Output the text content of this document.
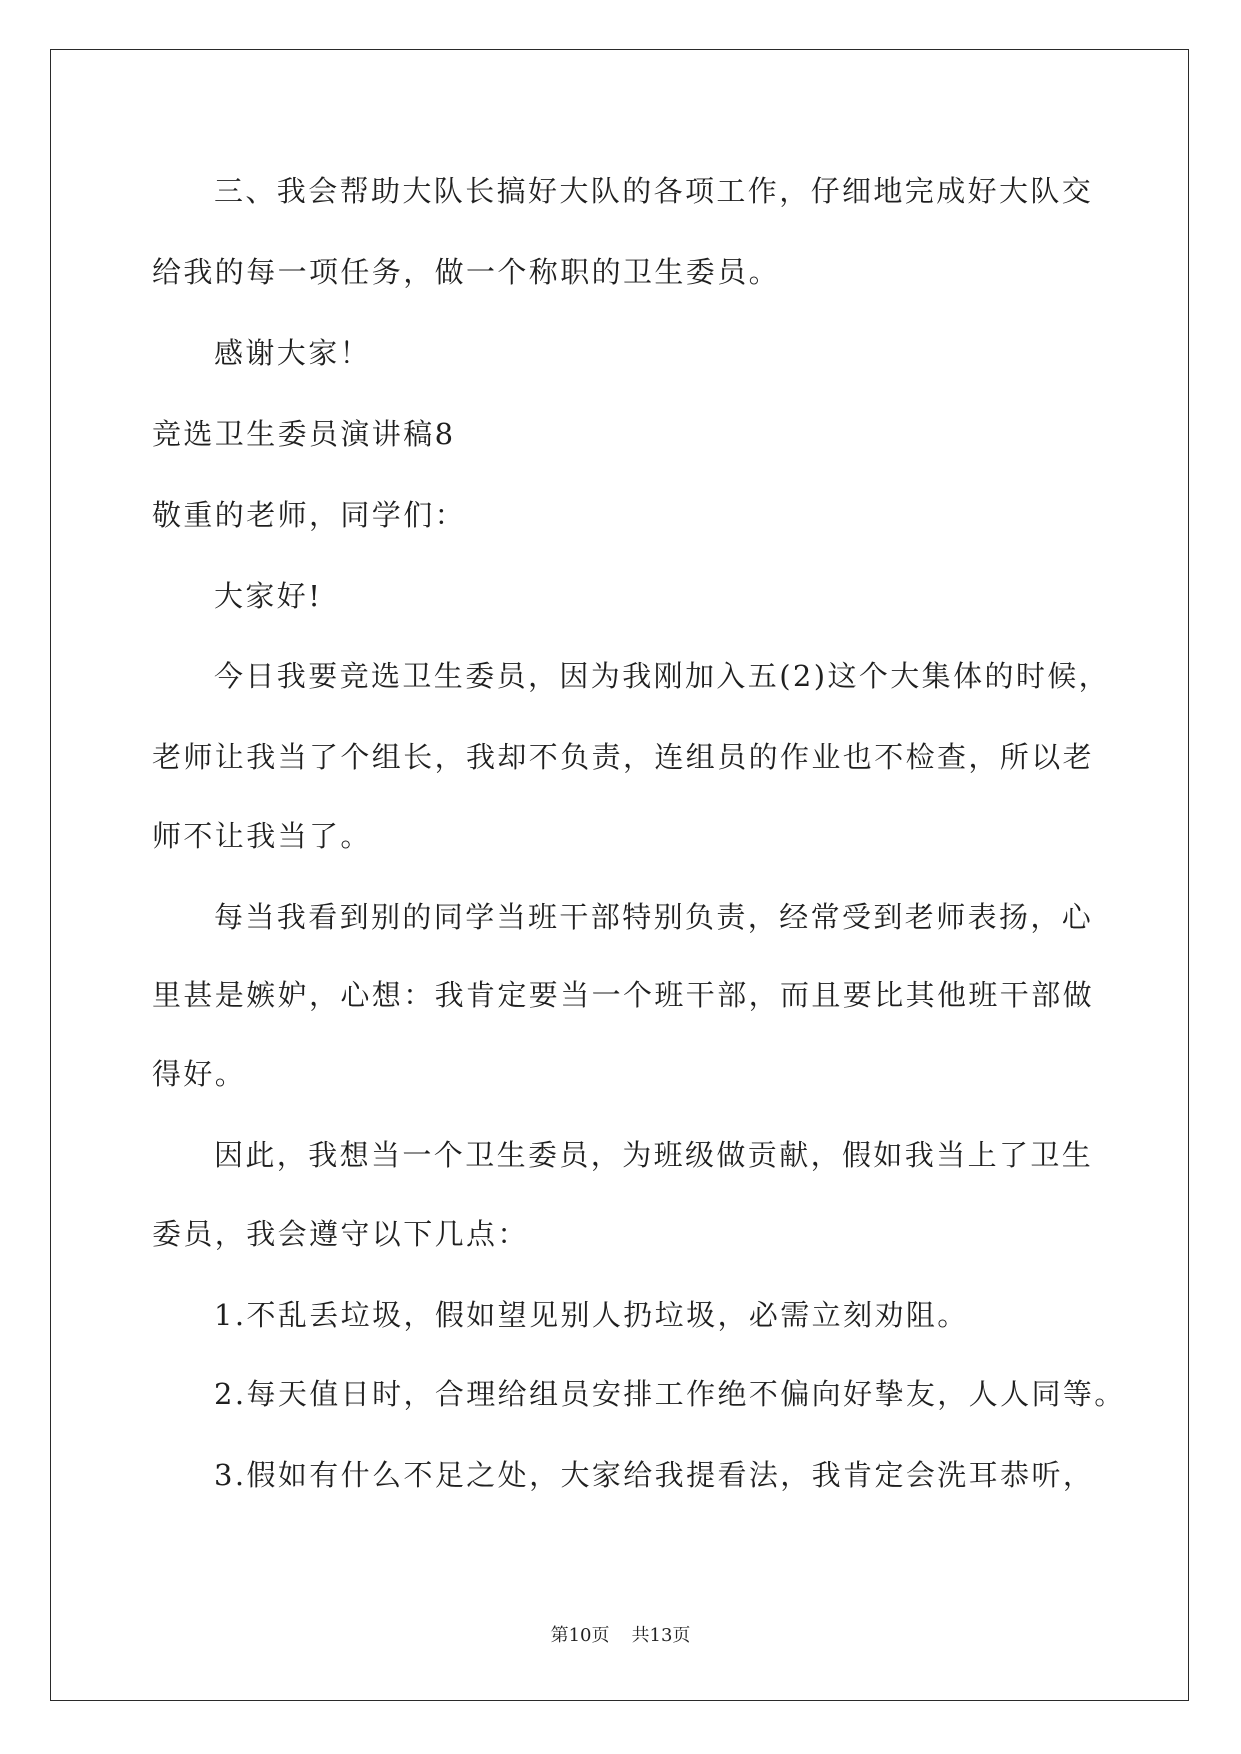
三、我会帮助大队长搞好大队的各项工作，仔细地完成好大队交
给我的每一项任务，做一个称职的卫生委员。
感谢大家！
竞选卫生委员演讲稿8
敬重的老师，同学们：
大家好!
今日我要竞选卫生委员，因为我刚加入五(2)这个大集体的时候，
老师让我当了个组长，我却不负责，连组员的作业也不检查，所以老
师不让我当了。
每当我看到别的同学当班干部特别负责，经常受到老师表扬，心
里甚是嫉妒，心想：我肯定要当一个班干部，而且要比其他班干部做
得好。
因此，我想当一个卫生委员，为班级做贡献，假如我当上了卫生
委员，我会遵守以下几点：
1.不乱丢垃圾，假如望见别人扔垃圾，必需立刻劝阻。
2.每天值日时，合理给组员安排工作绝不偏向好挚友，人人同等。
3.假如有什么不足之处，大家给我提看法，我肯定会洗耳恭听，
第10页 共13页
